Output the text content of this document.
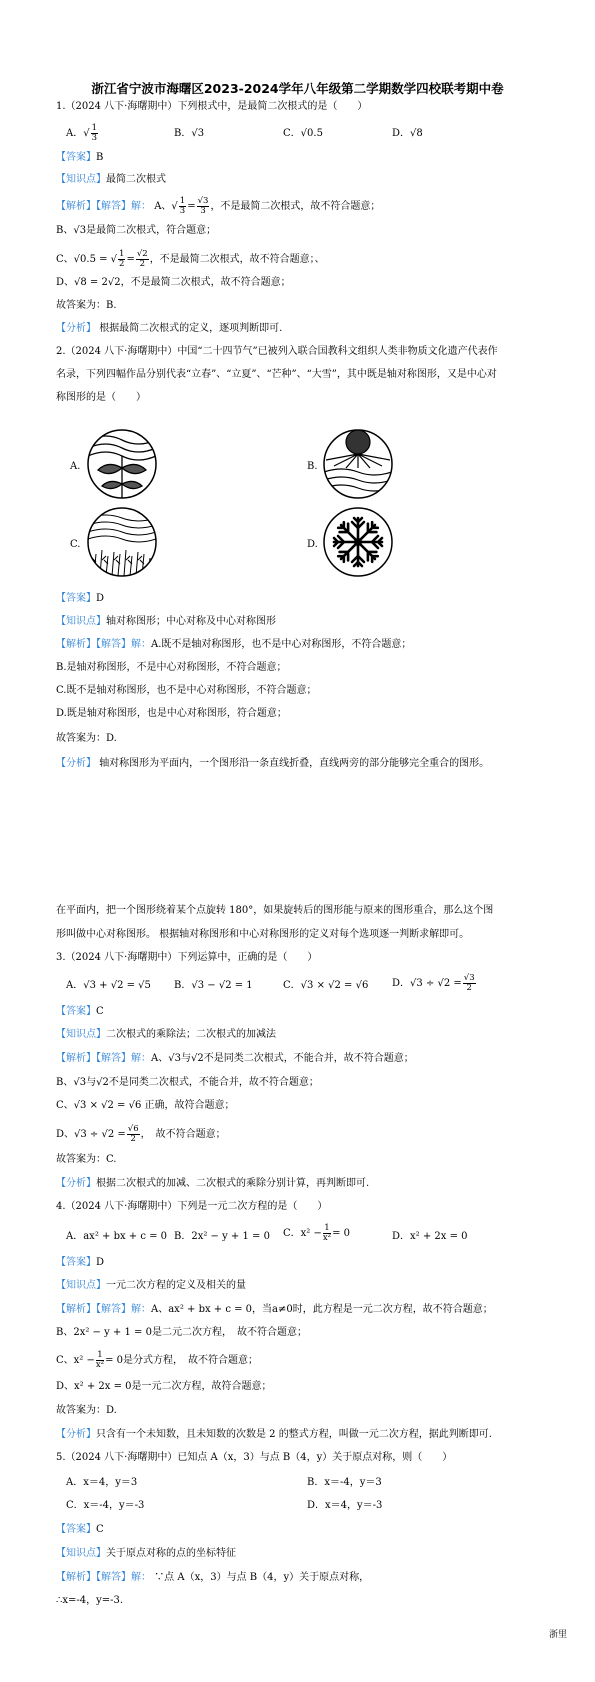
浙江省宁波市海曙区2023-2024学年八年级第二学期数学四校联考期中卷
1.（2024 八下·海曙期中）下列根式中，是最简二次根式的是（　　）
A．√ $\frac{1}{3}$	B．√3	C．√0.5	D．√8
【答案】B
【知识点】最简二次根式
【解析】【解答】解： A、√ $\frac{1}{3} = \frac{√3}{3}$ ，不是最简二次根式，故不符合题意；
B、√3是最简二次根式，符合题意；
C、√0.5 = √ $\frac{1}{2} = \frac{√2}{2}$ ，不是最简二次根式，故不符合题意；、
D、√8 = 2√2，不是最简二次根式，故不符合题意；
故答案为：B.
【分析】 根据最简二次根式的定义，逐项判断即可.
2.（2024 八下·海曙期中）中国“二十四节气”已被列入联合国教科文组织人类非物质文化遗产代表作
名录，下列四幅作品分别代表“立春”、“立夏”、“芒种”、“大雪”，其中既是轴对称图形，又是中心对
称图形的是（　　）
A.	B.
C.	D.
【答案】D
【知识点】轴对称图形；中心对称及中心对称图形
【解析】【解答】解：A.既不是轴对称图形，也不是中心对称图形，不符合题意；
B.是轴对称图形，不是中心对称图形，不符合题意；
C.既不是轴对称图形，也不是中心对称图形，不符合题意；
D.既是轴对称图形，也是中心对称图形，符合题意；
故答案为：D.
【分析】 轴对称图形为平面内，一个图形沿一条直线折叠，直线两旁的部分能够完全重合的图形。
在平面内，把一个图形绕着某个点旋转 180°，如果旋转后的图形能与原来的图形重合，那么这个图
形叫做中心对称图形。 根据轴对称图形和中心对称图形的定义对每个选项逐一判断求解即可。
3.（2024 八下·海曙期中）下列运算中，正确的是（　　）
A．√3 + √2 = √5 B．√3 − √2 = 1	C．√3 × √2 = √6 D．$√3 \div √2 = \frac{√3}{2}$
【答案】C
【知识点】二次根式的乘除法；二次根式的加减法
【解析】【解答】解：A、√3与√2不是同类二次根式，不能合并，故不符合题意；
B、√3与√2不是同类二次根式，不能合并，故不符合题意；
C、√3 × √2 = √6 正确，故符合题意；
D、$√3 \div √2 = \frac{√6}{2}$ ，　故不符合题意；
故答案为：C.
【分析】根据二次根式的加减、二次根式的乘除分别计算，再判断即可.
4.（2024 八下·海曙期中）下列是一元二次方程的是（　　）
A．ax² + bx + c = 0 B．2x² − y + 1 = 0 C．$x^2 - \frac{1}{\text{x²}} = 0$	D．x² + 2x = 0
【答案】D
【知识点】一元二次方程的定义及相关的量
【解析】【解答】解：A、ax² + bx + c = 0，当a≠0时，此方程是一元二次方程，故不符合题意；
B、2x² − y + 1 = 0是二元二次方程，　故不符合题意；
C、$x^2 - \frac{1}{\text{x²}} = 0$是分式方程，　故不符合题意；
D、x² + 2x = 0是一元二次方程，故符合题意；
故答案为：D.
【分析】只含有一个未知数，且未知数的次数是 2 的整式方程，叫做一元二次方程，据此判断即可.
5.（2024 八下·海曙期中）已知点 A（x，3）与点 B（4，y）关于原点对称，则（　　）
A．x＝4，y＝3	B．x＝-4，y＝3
C．x＝-4，y＝-3	D．x＝4，y＝-3
【答案】C
【知识点】关于原点对称的点的坐标特征
【解析】【解答】解： ∵点 A（x，3）与点 B（4，y）关于原点对称，
∴x=-4，y=-3.
浙里
